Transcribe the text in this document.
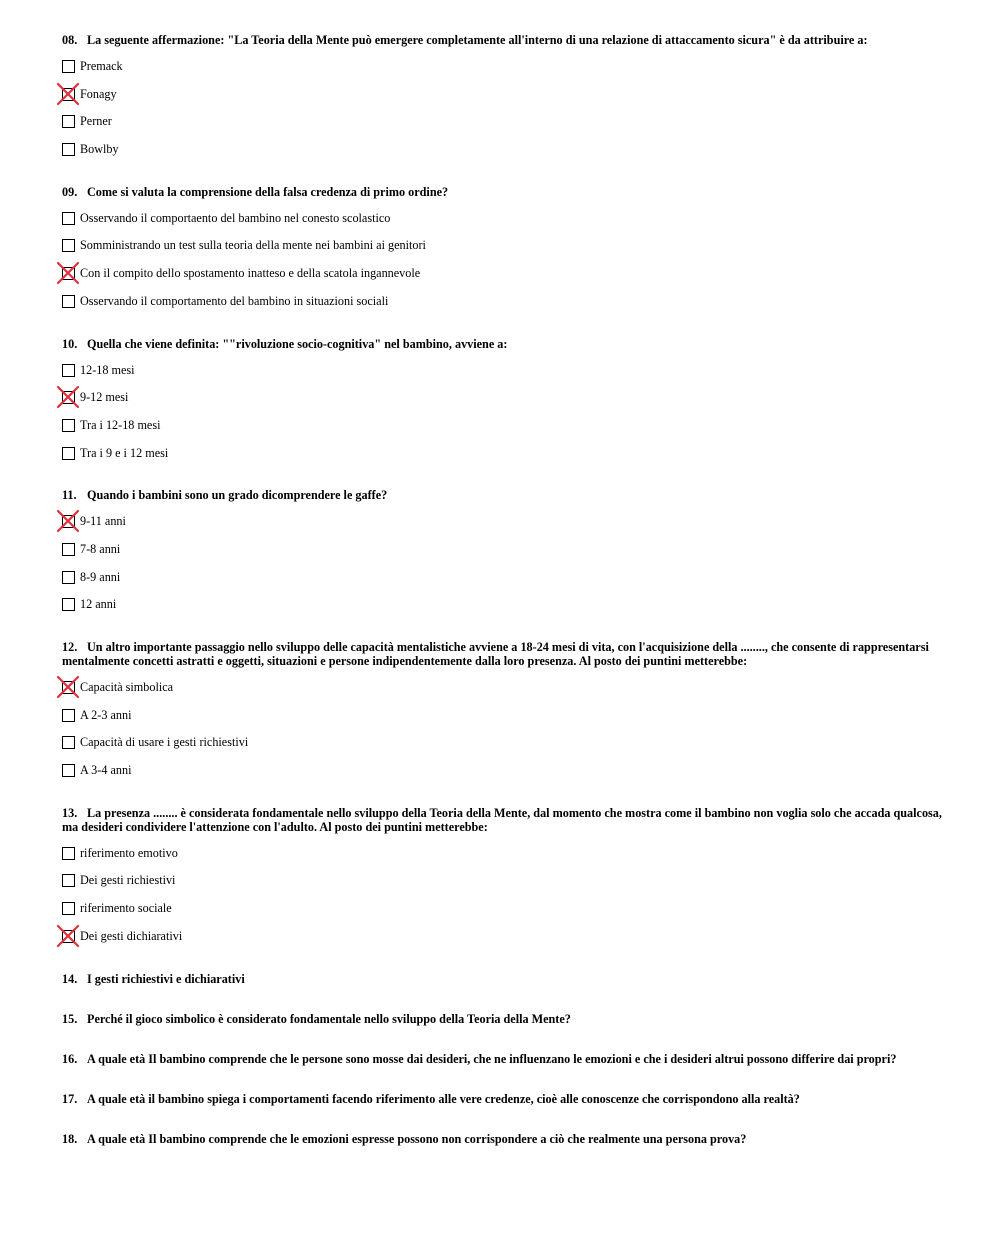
08. La seguente affermazione: "La Teoria della Mente può emergere completamente all'interno di una relazione di attaccamento sicura" è da attribuire a:

Premack
Fonagy
Perner
Bowlby

09. Come si valuta la comprensione della falsa credenza di primo ordine?

Osservando il comportaento del bambino nel conesto scolastico
Somministrando un test sulla teoria della mente nei bambini ai genitori
Con il compito dello spostamento inatteso e della scatola ingannevole
Osservando il comportamento del bambino in situazioni sociali

10. Quella che viene definita: ""rivoluzione socio-cognitiva" nel bambino, avviene a:

12-18 mesi
9-12 mesi
Tra i 12-18 mesi
Tra i 9 e i 12 mesi

11. Quando i bambini sono un grado dicomprendere le gaffe?

9-11 anni
7-8 anni
8-9 anni
12 anni

12. Un altro importante passaggio nello sviluppo delle capacità mentalistiche avviene a 18-24 mesi di vita, con l'acquisizione della ........, che consente di rappresentarsi mentalmente concetti astratti e oggetti, situazioni e persone indipendentemente dalla loro presenza. Al posto dei puntini metterebbe:

Capacità simbolica
A 2-3 anni
Capacità di usare i gesti richiestivi
A 3-4 anni

13. La presenza ........ è considerata fondamentale nello sviluppo della Teoria della Mente, dal momento che mostra come il bambino non voglia solo che accada qualcosa, ma desideri condividere l'attenzione con l'adulto. Al posto dei puntini metterebbe:

riferimento emotivo
Dei gesti richiestivi
riferimento sociale
Dei gesti dichiarativi

14. I gesti richiestivi e dichiarativi

15. Perché il gioco simbolico è considerato fondamentale nello sviluppo della Teoria della Mente?

16. A quale età Il bambino comprende che le persone sono mosse dai desideri, che ne influenzano le emozioni e che i desideri altrui possono differire dai propri?

17. A quale età il bambino spiega i comportamenti facendo riferimento alle vere credenze, cioè alle conoscenze che corrispondono alla realtà?

18. A quale età Il bambino comprende che le emozioni espresse possono non corrispondere a ciò che realmente una persona prova?
